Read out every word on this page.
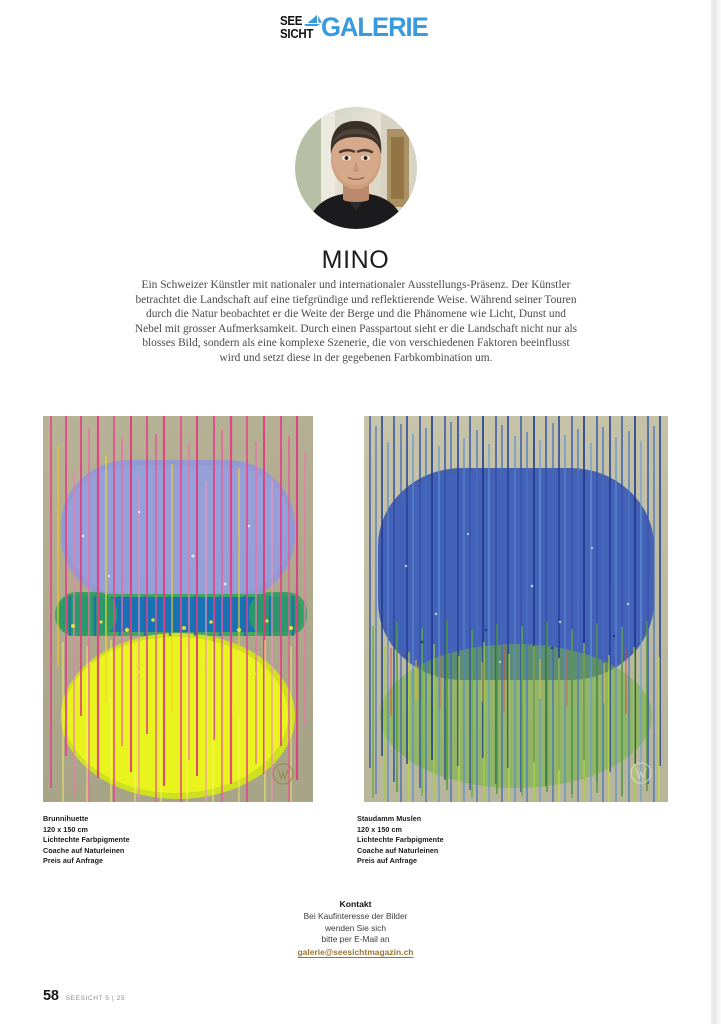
SEE
SICHT GALERIE
MINO
Ein Schweizer Künstler mit nationaler und internationaler Ausstellungs-Präsenz. Der Künstler betrachtet die Landschaft auf eine tiefgründige und reflektierende Weise. Während seiner Touren durch die Natur beobachtet er die Weite der Berge und die Phänomene wie Licht, Dunst und Nebel mit grosser Aufmerksamkeit. Durch einen Passpartout sieht er die Landschaft nicht nur als blosses Bild, sondern als eine komplexe Szenerie, die von verschiedenen Faktoren beeinflusst wird und setzt diese in der gegebenen Farbkombination um.
Brunnihuette
120 x 150 cm
Lichtechte Farbpigmente
Coache auf Naturleinen
Preis auf Anfrage
Staudamm Muslen
120 x 150 cm
Lichtechte Farbpigmente
Coache auf Naturleinen
Preis auf Anfrage
Kontakt
Bei Kaufinteresse der Bilder
wenden Sie sich
bitte per E-Mail an
galerie@seesichtmagazin.ch
58 SEESICHT 5 | 25
